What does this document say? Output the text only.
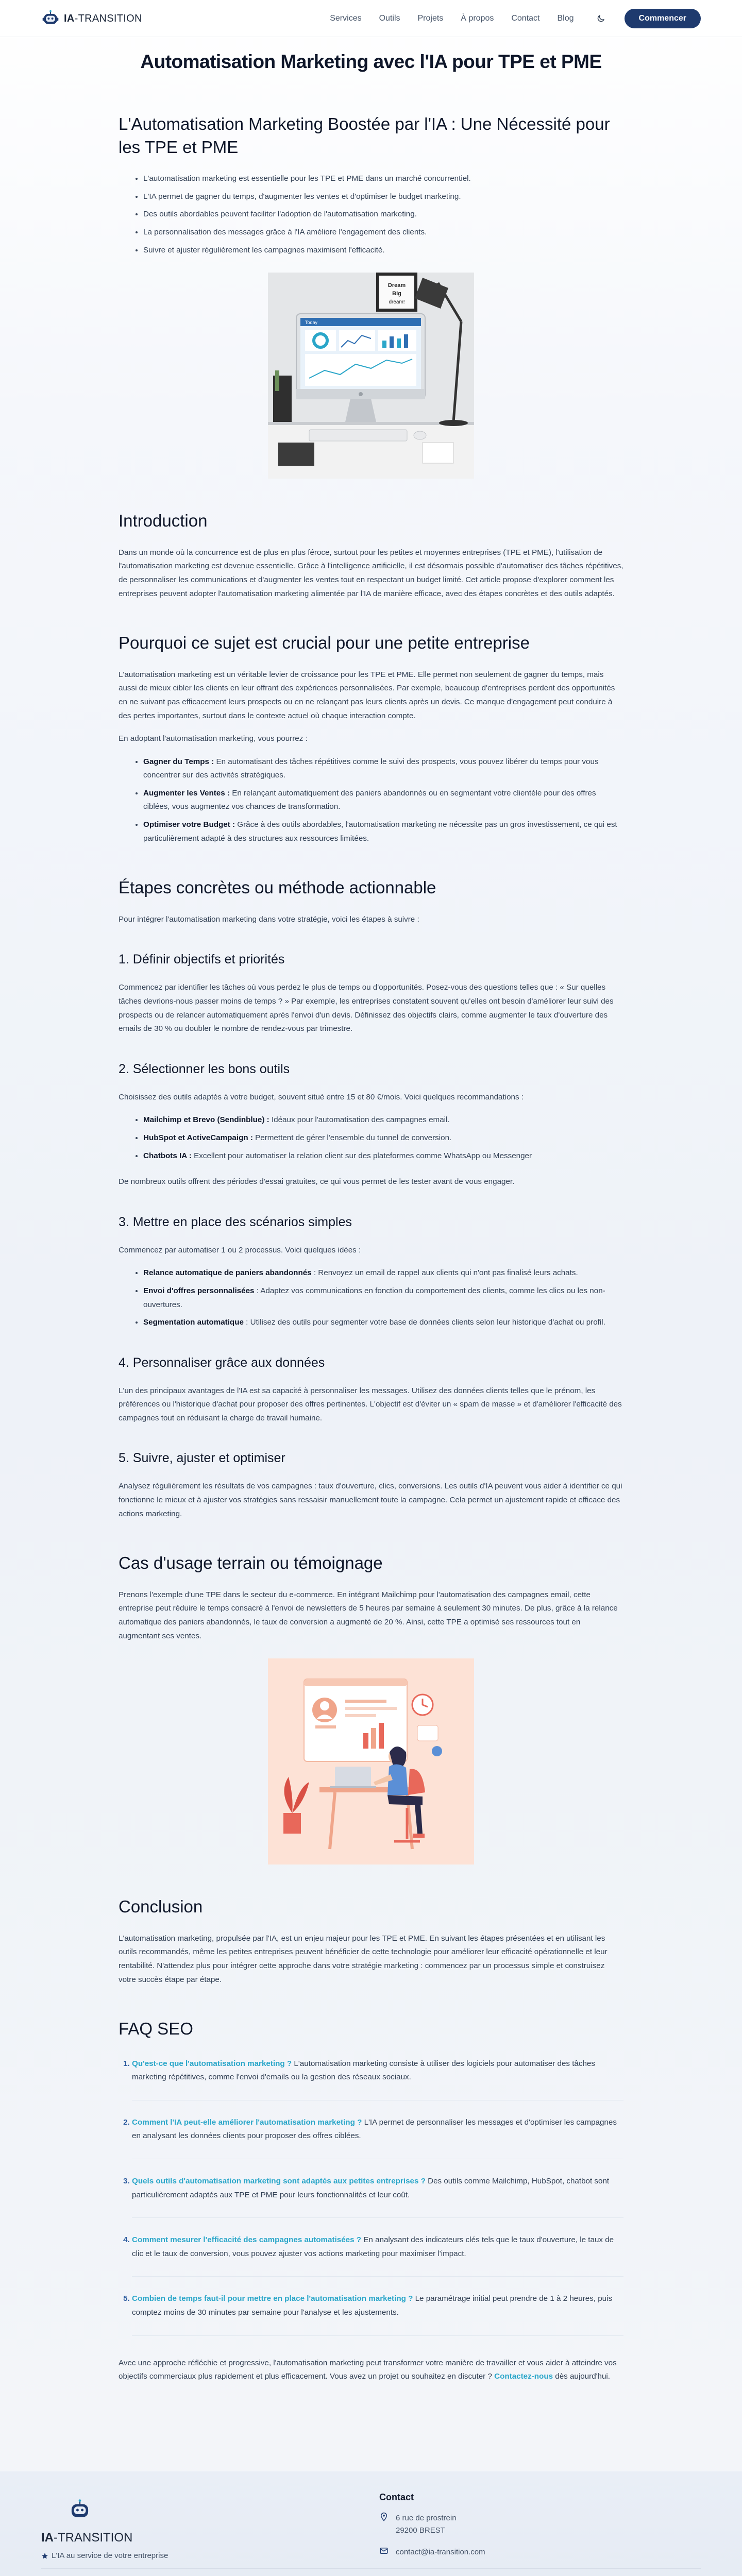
IA-TRANSITION	Services Outils Projets À propos Contact Blog	Commencer
Automatisation Marketing avec l'IA pour TPE et PME
L'Automatisation Marketing Boostée par l'IA : Une Nécessité pour les TPE et PME
• L'automatisation marketing est essentielle pour les TPE et PME dans un marché concurrentiel.
• L'IA permet de gagner du temps, d'augmenter les ventes et d'optimiser le budget marketing.
• Des outils abordables peuvent faciliter l'adoption de l'automatisation marketing.
• La personnalisation des messages grâce à l'IA améliore l'engagement des clients.
• Suivre et ajuster régulièrement les campagnes maximisent l'efficacité.
Dream
Big
dream!
Today
Introduction

Dans un monde où la concurrence est de plus en plus féroce, surtout pour les petites et moyennes entreprises (TPE et PME), l'utilisation de l'automatisation marketing est devenue essentielle. Grâce à l'intelligence artificielle, il est désormais possible d'automatiser des tâches répétitives, de personnaliser les communications et d'augmenter les ventes tout en respectant un budget limité. Cet article propose d'explorer comment les entreprises peuvent adopter l'automatisation marketing alimentée par l'IA de manière efficace, avec des étapes concrètes et des outils adaptés.

Pourquoi ce sujet est crucial pour une petite entreprise

L'automatisation marketing est un véritable levier de croissance pour les TPE et PME. Elle permet non seulement de gagner du temps, mais aussi de mieux cibler les clients en leur offrant des expériences personnalisées. Par exemple, beaucoup d'entreprises perdent des opportunités en ne suivant pas efficacement leurs prospects ou en ne relançant pas leurs clients après un devis. Ce manque d'engagement peut conduire à des pertes importantes, surtout dans le contexte actuel où chaque interaction compte.

En adoptant l'automatisation marketing, vous pourrez :

• Gagner du Temps : En automatisant des tâches répétitives comme le suivi des prospects, vous pouvez libérer du temps pour vous concentrer sur des activités stratégiques.
• Augmenter les Ventes : En relançant automatiquement des paniers abandonnés ou en segmentant votre clientèle pour des offres ciblées, vous augmentez vos chances de transformation.
• Optimiser votre Budget : Grâce à des outils abordables, l'automatisation marketing ne nécessite pas un gros investissement, ce qui est particulièrement adapté à des structures aux ressources limitées.
Étapes concrètes ou méthode actionnable

Pour intégrer l'automatisation marketing dans votre stratégie, voici les étapes à suivre :

1. Définir objectifs et priorités

Commencez par identifier les tâches où vous perdez le plus de temps ou d'opportunités. Posez-vous des questions telles que : « Sur quelles tâches devrions-nous passer moins de temps ? » Par exemple, les entreprises constatent souvent qu'elles ont besoin d'améliorer leur suivi des prospects ou de relancer automatiquement après l'envoi d'un devis. Définissez des objectifs clairs, comme augmenter le taux d'ouverture des emails de 30 % ou doubler le nombre de rendez-vous par trimestre.

2. Sélectionner les bons outils

Choisissez des outils adaptés à votre budget, souvent situé entre 15 et 80 €/mois. Voici quelques recommandations :

• Mailchimp et Brevo (Sendinblue) : Idéaux pour l'automatisation des campagnes email.
• HubSpot et ActiveCampaign : Permettent de gérer l'ensemble du tunnel de conversion.
• Chatbots IA : Excellent pour automatiser la relation client sur des plateformes comme WhatsApp ou Messenger

De nombreux outils offrent des périodes d'essai gratuites, ce qui vous permet de les tester avant de vous engager.

3. Mettre en place des scénarios simples

Commencez par automatiser 1 ou 2 processus. Voici quelques idées :

• Relance automatique de paniers abandonnés : Renvoyez un email de rappel aux clients qui n'ont pas finalisé leurs achats.
• Envoi d'offres personnalisées : Adaptez vos communications en fonction du comportement des clients, comme les clics ou les non-ouvertures.
• Segmentation automatique : Utilisez des outils pour segmenter votre base de données clients selon leur historique d'achat ou profil.
4. Personnaliser grâce aux données

L'un des principaux avantages de l'IA est sa capacité à personnaliser les messages. Utilisez des données clients telles que le prénom, les préférences ou l'historique d'achat pour proposer des offres pertinentes. L'objectif est d'éviter un « spam de masse » et d'améliorer l'efficacité des campagnes tout en réduisant la charge de travail humaine.

5. Suivre, ajuster et optimiser

Analysez régulièrement les résultats de vos campagnes : taux d'ouverture, clics, conversions. Les outils d'IA peuvent vous aider à identifier ce qui fonctionne le mieux et à ajuster vos stratégies sans ressaisir manuellement toute la campagne. Cela permet un ajustement rapide et efficace des actions marketing.

Cas d'usage terrain ou témoignage

Prenons l'exemple d'une TPE dans le secteur du e-commerce. En intégrant Mailchimp pour l'automatisation des campagnes email, cette entreprise peut réduire le temps consacré à l'envoi de newsletters de 5 heures par semaine à seulement 30 minutes. De plus, grâce à la relance automatique des paniers abandonnés, le taux de conversion a augmenté de 20 %. Ainsi, cette TPE a optimisé ses ressources tout en augmentant ses ventes.

Conclusion

L'automatisation marketing, propulsée par l'IA, est un enjeu majeur pour les TPE et PME. En suivant les étapes présentées et en utilisant les outils recommandés, même les petites entreprises peuvent bénéficier de cette technologie pour améliorer leur efficacité opérationnelle et leur rentabilité. N'attendez plus pour intégrer cette approche dans votre stratégie marketing : commencez par un processus simple et construisez votre succès étape par étape.

FAQ SEO
1. Qu'est-ce que l'automatisation marketing ? L'automatisation marketing consiste à utiliser des logiciels pour automatiser des tâches marketing répétitives, comme l'envoi d'emails ou la gestion des réseaux sociaux.
2. Comment l'IA peut-elle améliorer l'automatisation marketing ? L'IA permet de personnaliser les messages et d'optimiser les campagnes en analysant les données clients pour proposer des offres ciblées.
3. Quels outils d'automatisation marketing sont adaptés aux petites entreprises ? Des outils comme Mailchimp, HubSpot, chatbot sont particulièrement adaptés aux TPE et PME pour leurs fonctionnalités et leur coût.
4. Comment mesurer l'efficacité des campagnes automatisées ? En analysant des indicateurs clés tels que le taux d'ouverture, le taux de clic et le taux de conversion, vous pouvez ajuster vos actions marketing pour maximiser l'impact.
5. Combien de temps faut-il pour mettre en place l'automatisation marketing ? Le paramétrage initial peut prendre de 1 à 2 heures, puis comptez moins de 30 minutes par semaine pour l'analyse et les ajustements.

Avec une approche réfléchie et progressive, l'automatisation marketing peut transformer votre manière de travailler et vous aider à atteindre vos objectifs commerciaux plus rapidement et plus efficacement. Vous avez un projet ou souhaitez en discuter ? Contactez-nous dès aujourd'hui.

IA-TRANSITION
L'IA au service de votre entreprise
Contact
6 rue de prostrein
29200 BREST
contact@ia-transition.com
